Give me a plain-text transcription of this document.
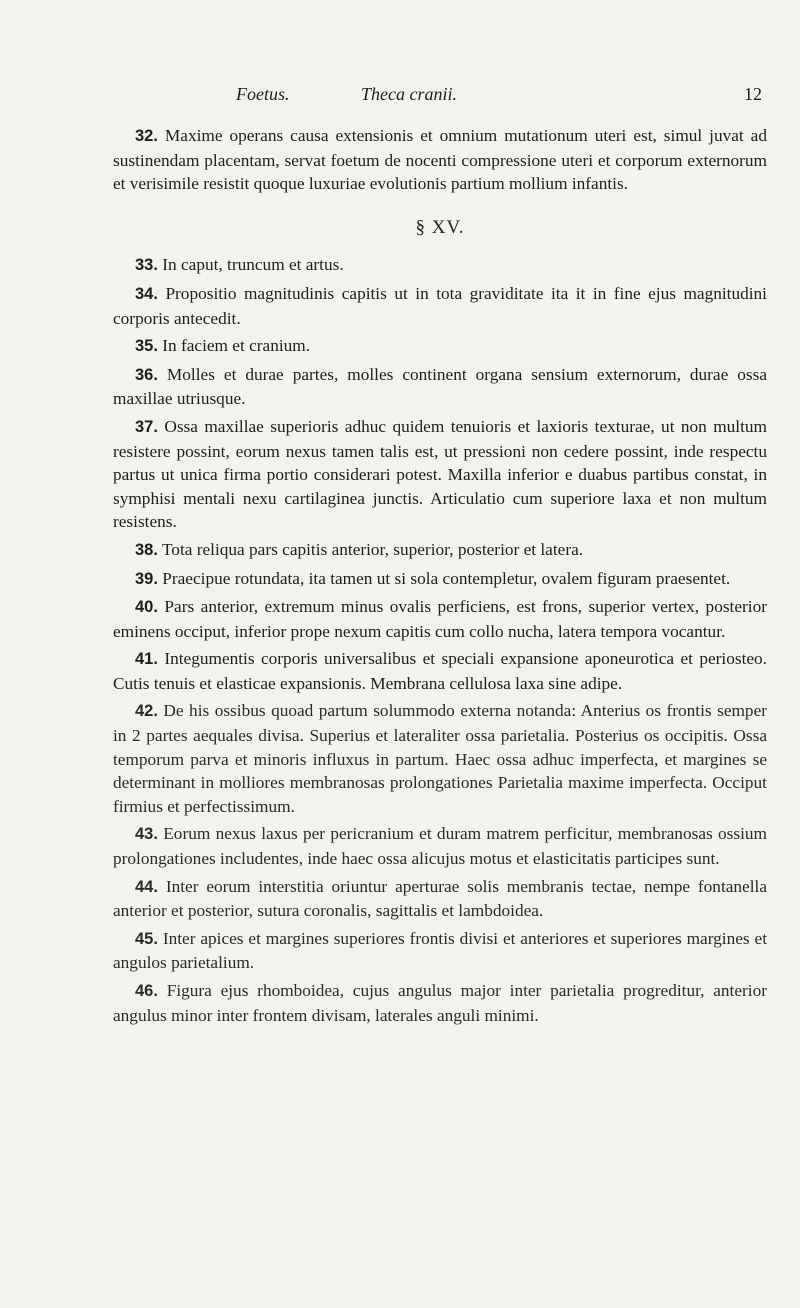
Foetus.	Theca cranii.	12

32. Maxime operans causa extensionis et omnium mutationum uteri est, simul juvat ad sustinendam placentam, servat foetum de nocenti compressione uteri et corporum externorum et verisimile resistit quoque luxuriae evolutionis partium mollium infantis.

§ XV.

33. In caput, truncum et artus.

34. Propositio magnitudinis capitis ut in tota graviditate ita it in fine ejus magnitudini corporis antecedit.

35. In faciem et cranium.

36. Molles et durae partes, molles continent organa sensium externorum, durae ossa maxillae utriusque.

37. Ossa maxillae superioris adhuc quidem tenuioris et laxioris texturae, ut non multum resistere possint, eorum nexus tamen talis est, ut pressioni non cedere possint, inde respectu partus ut unica firma portio considerari potest. Maxilla inferior e duabus partibus constat, in symphisi mentali nexu cartilaginea junctis. Articulatio cum superiore laxa et non multum resistens.

38. Tota reliqua pars capitis anterior, superior, posterior et latera.

39. Praecipue rotundata, ita tamen ut si sola contempletur, ovalem figuram praesentet.

40. Pars anterior, extremum minus ovalis perficiens, est frons, superior vertex, posterior eminens occiput, inferior prope nexum capitis cum collo nucha, latera tempora vocantur.

41. Integumentis corporis universalibus et speciali expansione aponeurotica et periosteo. Cutis tenuis et elasticae expansionis. Membrana cellulosa laxa sine adipe.

42. De his ossibus quoad partum solummodo externa notanda: Anterius os frontis semper in 2 partes aequales divisa. Superius et lateraliter ossa parietalia. Posterius os occipitis. Ossa temporum parva et minoris influxus in partum. Haec ossa adhuc imperfecta, et margines se determinant in molliores membranosas prolongationes Parietalia maxime imperfecta. Occiput firmius et perfectissimum.

43. Eorum nexus laxus per pericranium et duram matrem perficitur, membranosas ossium prolongationes includentes, inde haec ossa alicujus motus et elasticitatis participes sunt.

44. Inter eorum interstitia oriuntur aperturae solis membranis tectae, nempe fontanella anterior et posterior, sutura coronalis, sagittalis et lambdoidea.

45. Inter apices et margines superiores frontis divisi et anteriores et superiores margines et angulos parietalium.

46. Figura ejus rhomboidea, cujus angulus major inter parietalia progreditur, anterior angulus minor inter frontem divisam, laterales anguli minimi.
